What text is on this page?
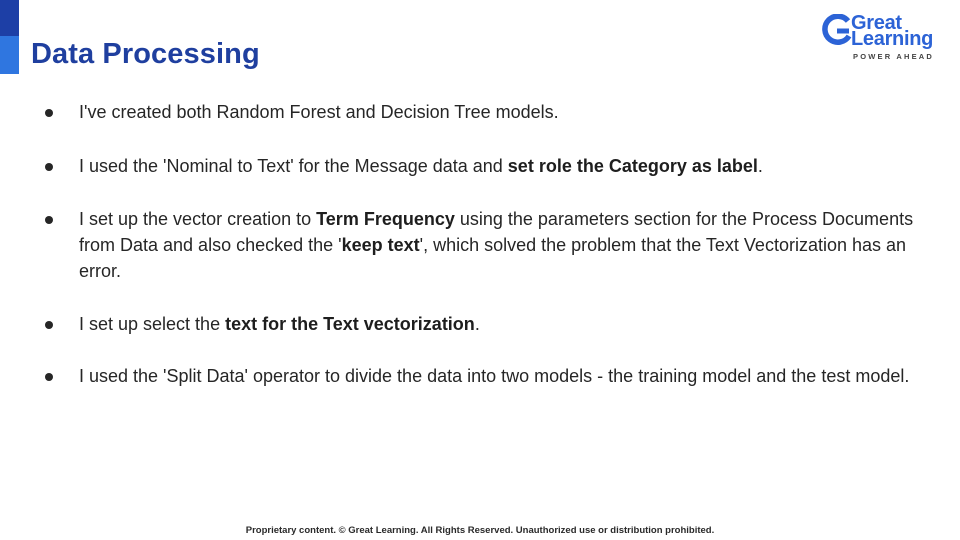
Data Processing
Great
Learning
POWER AHEAD
I've created both Random Forest and Decision Tree models.
I used the 'Nominal to Text' for the Message data and set role the Category as label.
I set up the vector creation to Term Frequency using the parameters section for the Process Documents from Data and also checked the 'keep text', which solved the problem that the Text Vectorization has an error.
I set up select the text for the Text vectorization.
I used the 'Split Data' operator to divide the data into two models - the training model and the test model.
Proprietary content. © Great Learning. All Rights Reserved. Unauthorized use or distribution prohibited.
